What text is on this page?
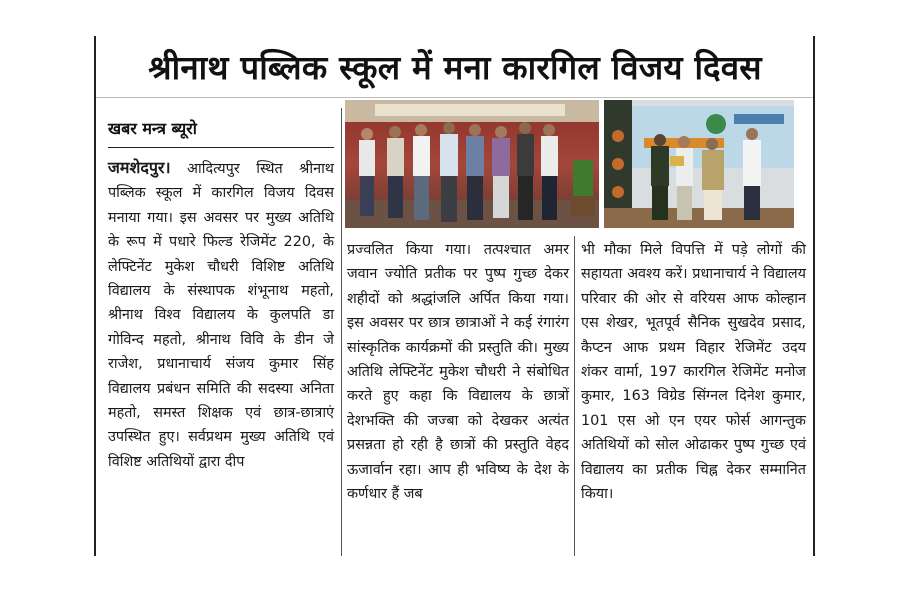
श्रीनाथ पब्लिक स्कूल में मना कारगिल विजय दिवस
खबर मन्त्र ब्यूरो

जमशेदपुर। आदित्यपुर स्थित श्रीनाथ पब्लिक स्कूल में कारगिल विजय दिवस मनाया गया। इस अवसर पर मुख्य अतिथि के रूप में पधारे फिल्ड रेजिमेंट 220, के लेफ्टिनेंट मुकेश चौधरी विशिष्ट अतिथि विद्यालय के संस्थापक शंभूनाथ महतो, श्रीनाथ विश्व विद्यालय के कुलपति डा गोविन्द महतो, श्रीनाथ विवि के डीन जे राजेश, प्रधानाचार्य संजय कुमार सिंह विद्यालय प्रबंधन समिति की सदस्या अनिता महतो, समस्त शिक्षक एवं छात्र-छात्राएं उपस्थित हुए। सर्वप्रथम मुख्य अतिथि एवं विशिष्ट अतिथियों द्वारा दीप

प्रज्वलित किया गया। तत्पश्चात अमर जवान ज्योति प्रतीक पर पुष्प गुच्छ देकर शहीदों को श्रद्धांजलि अर्पित किया गया। इस अवसर पर छात्र छात्राओं ने कई रंगारंग सांस्कृतिक कार्यक्रमों की प्रस्तुति की। मुख्य अतिथि लेफ्टिनेंट मुकेश चौधरी ने संबोधित करते हुए कहा कि विद्यालय के छात्रों देशभक्ति की जज्बा को देखकर अत्यंत प्रसन्नता हो रही है छात्रों की प्रस्तुति वेहद ऊजार्वान रहा। आप ही भविष्य के देश के कर्णधार हैं जब

भी मौका मिले विपत्ति में पड़े लोगों की सहायता अवश्य करें। प्रधानाचार्य ने विद्यालय परिवार की ओर से वरियस आफ कोल्हान एस शेखर, भूतपूर्व सैनिक सुखदेव प्रसाद, कैप्टन आफ प्रथम विहार रेजिमेंट उदय शंकर वार्मा, 197 कारगिल रेजिमेंट मनोज कुमार, 163 विग्रेड सिंग्नल दिनेश कुमार, 101 एस ओ एन एयर फोर्स आगन्तुक अतिथियों को सोल ओढाकर पुष्प गुच्छ एवं विद्यालय का प्रतीक चिह्न देकर सम्मानित किया।
